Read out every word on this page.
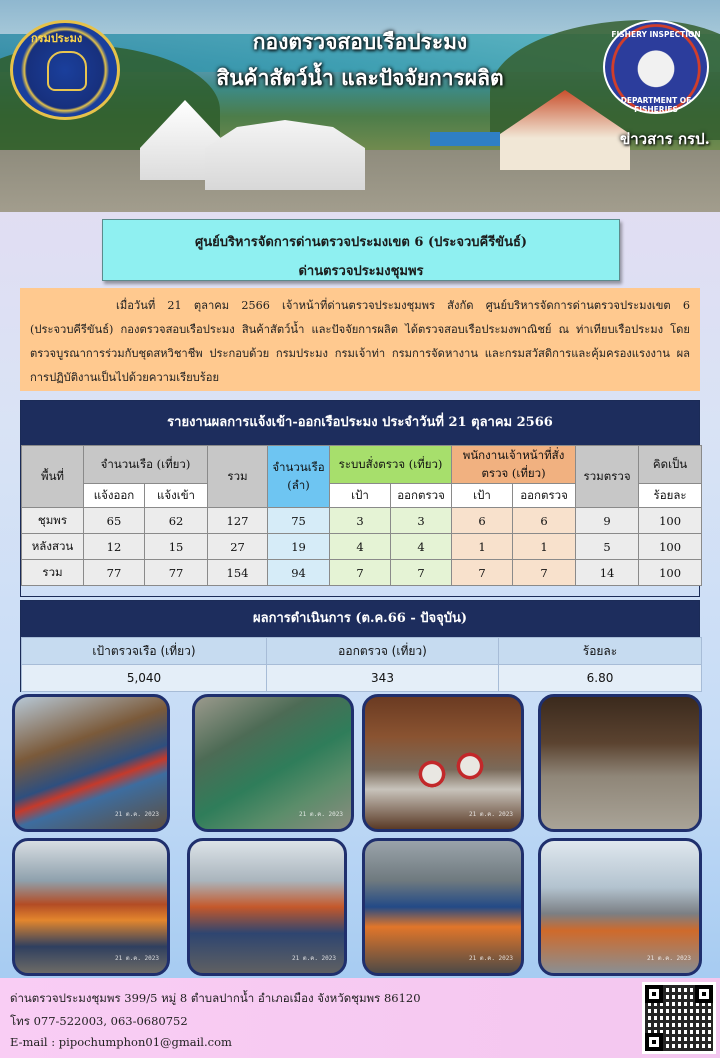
กรมประมง	กองตรวจสอบเรือประมง
สินค้าสัตว์น้ำ และปัจจัยการผลิต
FISHERY INSPECTION
DEPARTMENT OF FISHERIES
ข่าวสาร กรป.
ศูนย์บริหารจัดการด่านตรวจประมงเขต 6 (ประจวบคีรีขันธ์)
ด่านตรวจประมงชุมพร
เมื่อวันที่ 21 ตุลาคม 2566 เจ้าหน้าที่ด่านตรวจประมงชุมพร สังกัด ศูนย์บริหารจัดการด่านตรวจประมงเขต 6 (ประจวบคีรีขันธ์) กองตรวจสอบเรือประมง สินค้าสัตว์น้ำ และปัจจัยการผลิต ได้ตรวจสอบเรือประมงพาณิชย์ ณ ท่าเทียบเรือประมง โดยตรวจบูรณาการร่วมกับชุดสหวิชาชีพ ประกอบด้วย กรมประมง กรมเจ้าท่า กรมการจัดหางาน และกรมสวัสดิการและคุ้มครองแรงงาน ผลการปฏิบัติงานเป็นไปด้วยความเรียบร้อย
รายงานผลการแจ้งเข้า-ออกเรือประมง ประจำวันที่ 21 ตุลาคม 2566
พื้นที่	จำนวนเรือ (เที่ยว)		รวม	จำนวนเรือ (ลำ)	ระบบสั่งตรวจ (เที่ยว)		พนักงานเจ้าหน้าที่สั่งตรวจ (เที่ยว)		รวมตรวจ	คิดเป็น
	แจ้งออก	แจ้งเข้า			เป้า	ออกตรวจ	เป้า	ออกตรวจ		ร้อยละ
ชุมพร	65	62	127	75	3	3	6	6	9	100
หลังสวน	12	15	27	19	4	4	1	1	5	100
รวม	77	77	154	94	7	7	7	7	14	100
ผลการดำเนินการ (ต.ค.66 - ปัจจุบัน)
เป้าตรวจเรือ (เที่ยว)	ออกตรวจ (เที่ยว)	ร้อยละ
5,040	343	6.80
21 ต.ค. 2023	21 ต.ค. 2023	21 ต.ค. 2023
21 ต.ค. 2023	21 ต.ค. 2023	21 ต.ค. 2023	21 ต.ค. 2023
ด่านตรวจประมงชุมพร 399/5 หมู่ 8 ตำบลปากน้ำ อำเภอเมือง จังหวัดชุมพร 86120
โทร 077-522003, 063-0680752
E-mail : pipochumphon01@gmail.com
